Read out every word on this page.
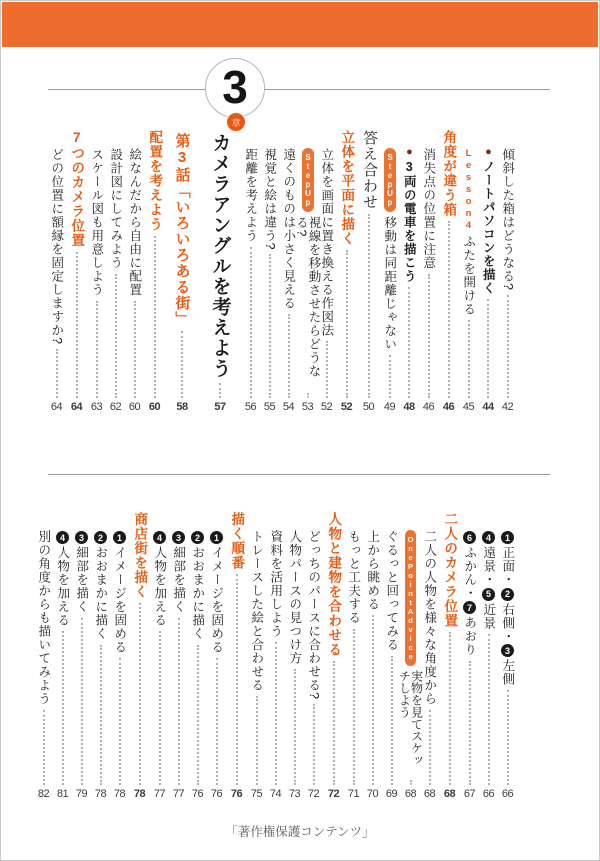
3
章
傾斜した箱はどうなる?
42
●
ノートパソコンを描く
44
Lesson4
ふたを開ける
45
角度が違う箱
46
消失点の位置に注意
46
●
3両の電車を描こう
48
StepUp
移動は同距離じゃない
49
答え合わせ
50
立体を平面に描く
52
立体を画面に置き換える作図法
52
StepUp
視線を移動させたらどうなる?
53
遠くのものは小さく見える
54
視覚と絵は違う?
55
距離を考えよう
56
カメラアングルを考えよう
57
第3話「いろいろある街」
58
配置を考えよう
60
絵なんだから自由に配置
60
設計図にしてみよう
62
スケール図も用意しよう
63
7つのカメラ位置
64
どの位置に額縁を固定しますか?
64
1
正面・
2
右側・
3
左側
66
4
遠景・
5
近景
66
6
ふかん・
7
あおり
67
二人のカメラ位置
68
二人の人物を様々な角度から
68
OnePointAdvice
実物を見てスケッチしよう
68
ぐるっと回ってみる
69
上から眺める
70
もっと工夫する
71
人物と建物を合わせる
72
どっちのパースに合わせる?
72
人物パースの見つけ方
73
資料を活用しよう
74
トレースした絵と合わせる
75
描く順番
76
1
イメージを固める
76
2
おおまかに描く
76
3
細部を描く
77
4
人物を加える
77
商店街を描く
78
1
イメージを固める
78
2
おおまかに描く
78
3
細部を描く
79
4
人物を加える
81
別の角度からも描いてみよう
82
「著作権保護コンテンツ」
